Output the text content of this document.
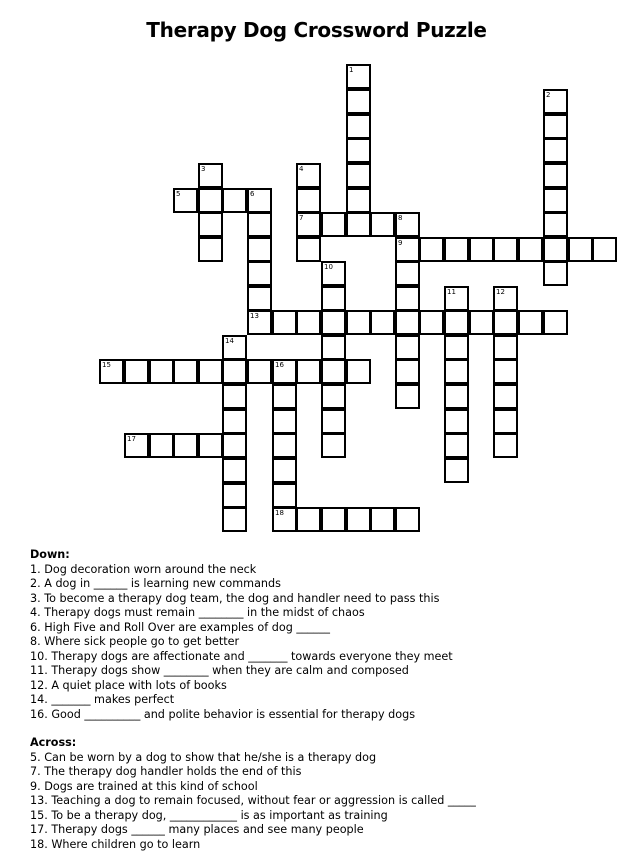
Therapy Dog Crossword Puzzle
1
2
3	4
5	6
7	8
9
10
11	12
13
14
15	16
17
18
Down:
1. Dog decoration worn around the neck
2. A dog in ______ is learning new commands
3. To become a therapy dog team, the dog and handler need to pass this
4. Therapy dogs must remain ________ in the midst of chaos
6. High Five and Roll Over are examples of dog ______
8. Where sick people go to get better
10. Therapy dogs are affectionate and _______ towards everyone they meet
11. Therapy dogs show ________ when they are calm and composed
12. A quiet place with lots of books
14. _______ makes perfect
16. Good __________ and polite behavior is essential for therapy dogs
Across:
5. Can be worn by a dog to show that he/she is a therapy dog
7. The therapy dog handler holds the end of this
9. Dogs are trained at this kind of school
13. Teaching a dog to remain focused, without fear or aggression is called _____
15. To be a therapy dog, ____________ is as important as training
17. Therapy dogs ______ many places and see many people
18. Where children go to learn
